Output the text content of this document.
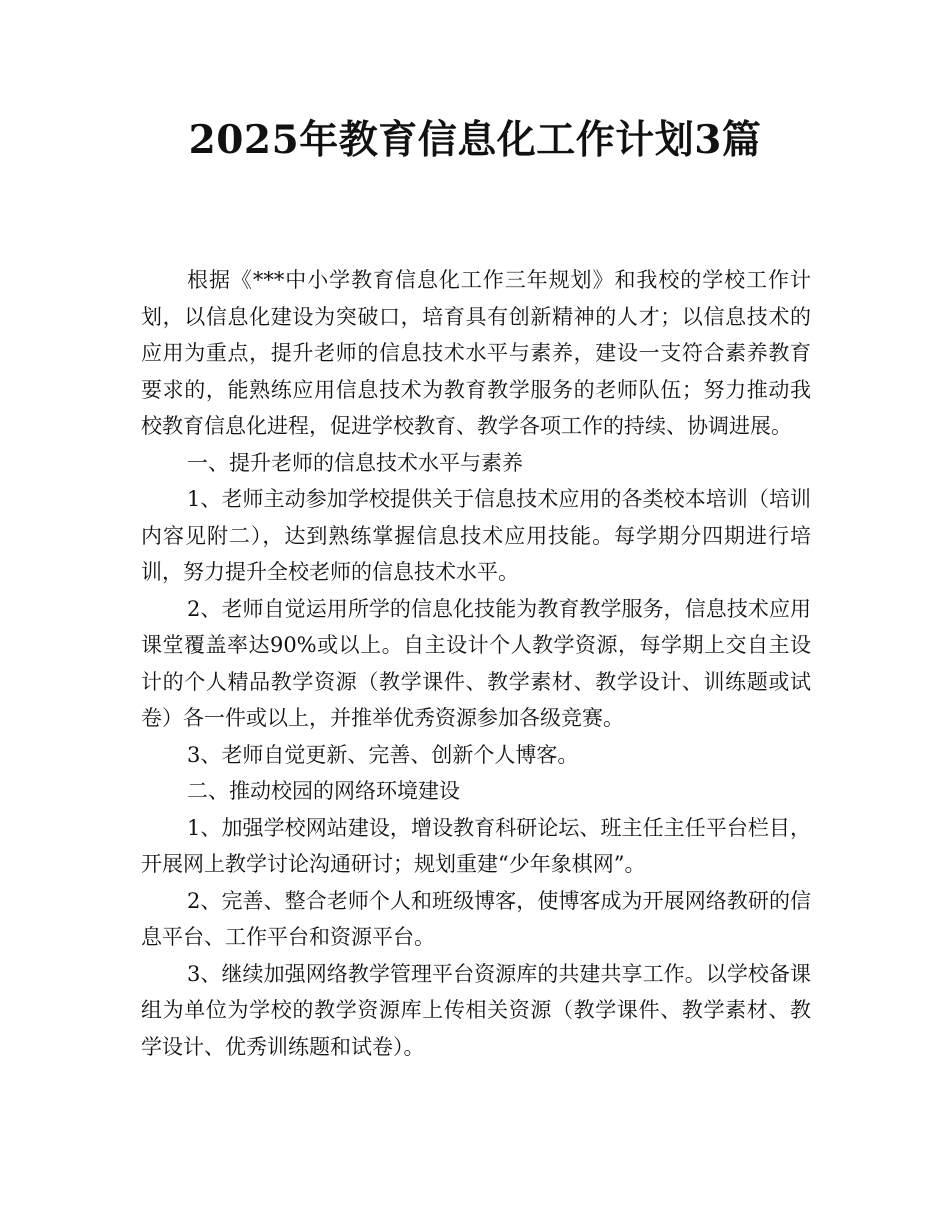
2025年教育信息化工作计划3篇

根据《***中小学教育信息化工作三年规划》和我校的学校工作计划，以信息化建设为突破口，培育具有创新精神的人才；以信息技术的应用为重点，提升老师的信息技术水平与素养，建设一支符合素养教育要求的，能熟练应用信息技术为教育教学服务的老师队伍；努力推动我校教育信息化进程，促进学校教育、教学各项工作的持续、协调进展。

一、提升老师的信息技术水平与素养

1、老师主动参加学校提供关于信息技术应用的各类校本培训（培训内容见附二），达到熟练掌握信息技术应用技能。每学期分四期进行培训，努力提升全校老师的信息技术水平。

2、老师自觉运用所学的信息化技能为教育教学服务，信息技术应用课堂覆盖率达90%或以上。自主设计个人教学资源，每学期上交自主设计的个人精品教学资源（教学课件、教学素材、教学设计、训练题或试卷）各一件或以上，并推举优秀资源参加各级竞赛。

3、老师自觉更新、完善、创新个人博客。

二、推动校园的网络环境建设

1、加强学校网站建设，增设教育科研论坛、班主任主任平台栏目，开展网上教学讨论沟通研讨；规划重建“少年象棋网”。

2、完善、整合老师个人和班级博客，使博客成为开展网络教研的信息平台、工作平台和资源平台。

3、继续加强网络教学管理平台资源库的共建共享工作。以学校备课组为单位为学校的教学资源库上传相关资源（教学课件、教学素材、教学设计、优秀训练题和试卷）。
